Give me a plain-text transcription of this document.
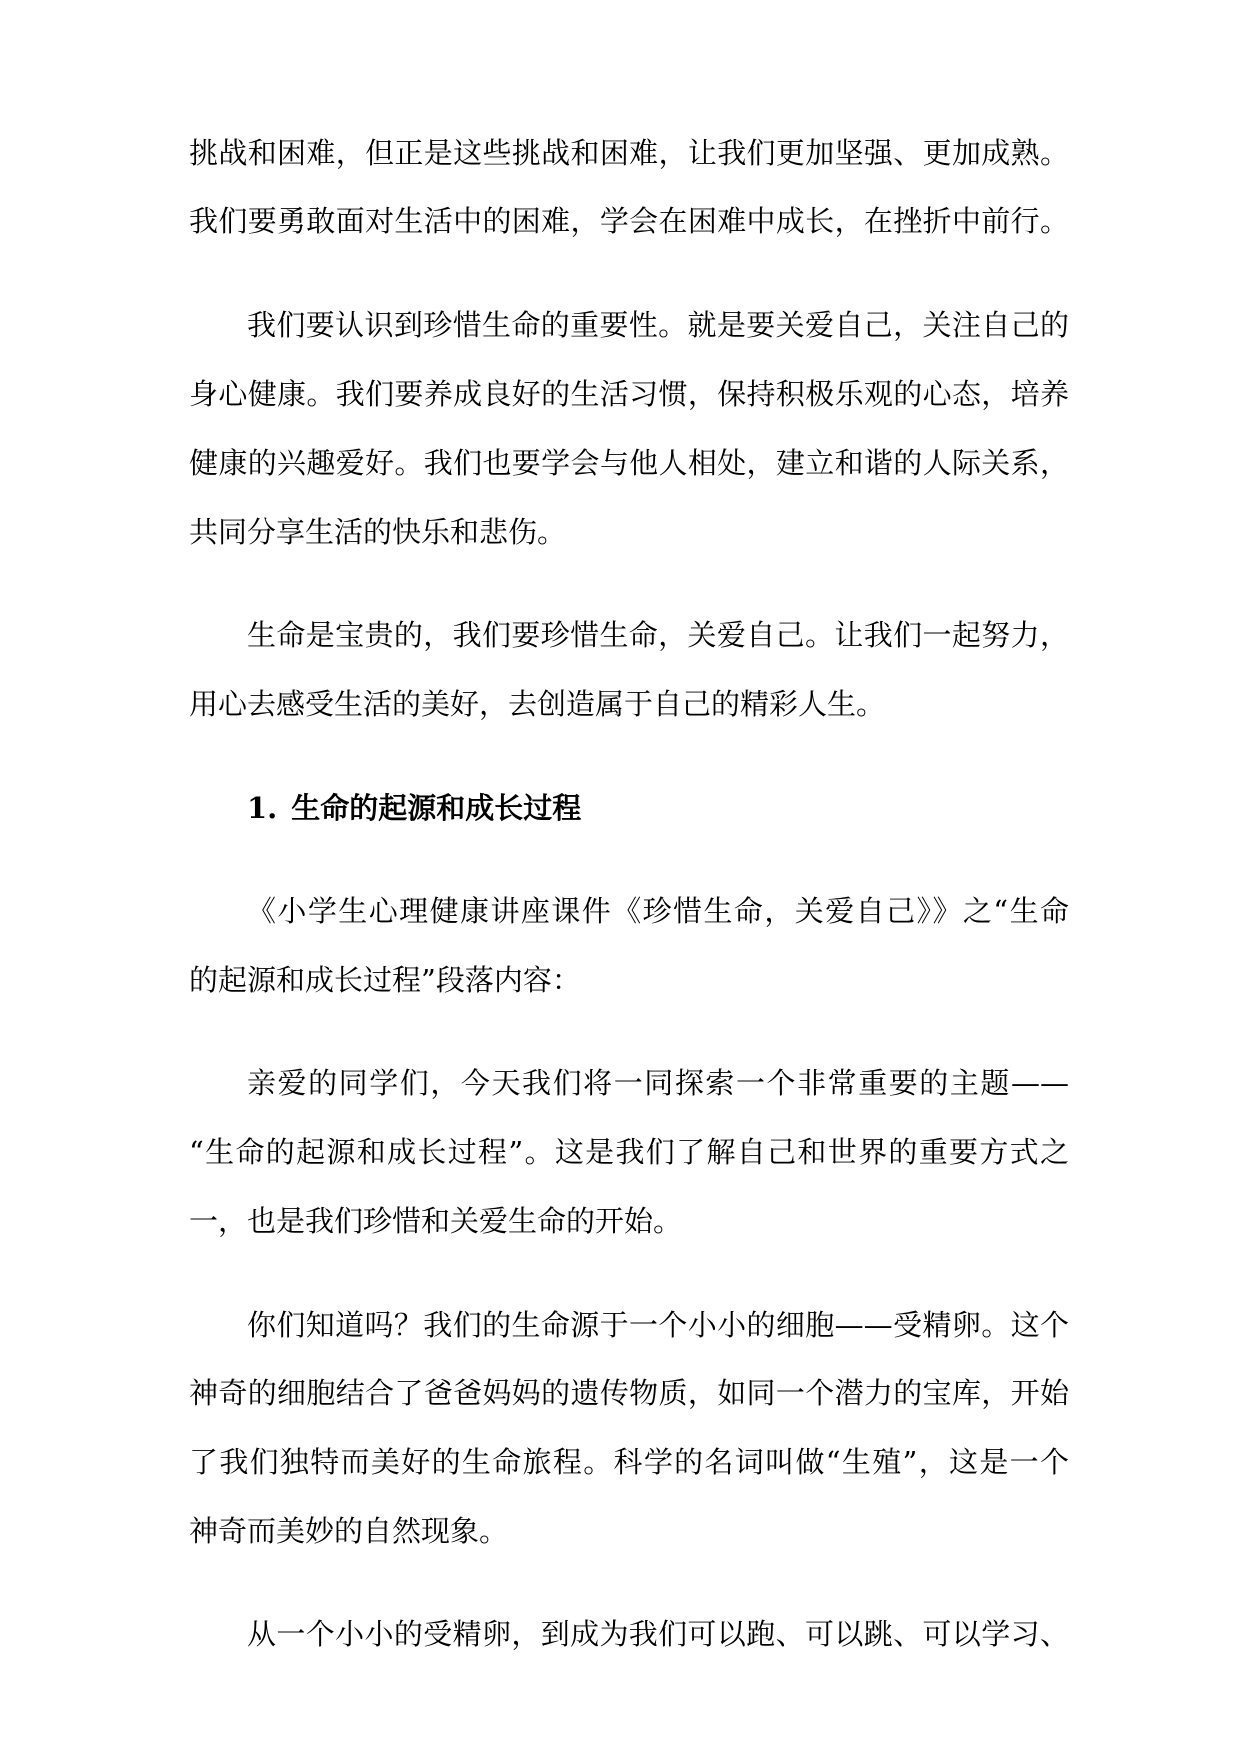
挑战和困难，但正是这些挑战和困难，让我们更加坚强、更加成熟。
我们要勇敢面对生活中的困难，学会在困难中成长，在挫折中前行。
我们要认识到珍惜生命的重要性。就是要关爱自己，关注自己的
身心健康。我们要养成良好的生活习惯，保持积极乐观的心态，培养
健康的兴趣爱好。我们也要学会与他人相处，建立和谐的人际关系，
共同分享生活的快乐和悲伤。
生命是宝贵的，我们要珍惜生命，关爱自己。让我们一起努力，
用心去感受生活的美好，去创造属于自己的精彩人生。
1. 生命的起源和成长过程
《小学生心理健康讲座课件《珍惜生命，关爱自己》》之“生命
的起源和成长过程”段落内容：
亲爱的同学们，今天我们将一同探索一个非常重要的主题——
“生命的起源和成长过程”。这是我们了解自己和世界的重要方式之
一，也是我们珍惜和关爱生命的开始。
你们知道吗？我们的生命源于一个小小的细胞——受精卵。这个
神奇的细胞结合了爸爸妈妈的遗传物质，如同一个潜力的宝库，开始
了我们独特而美好的生命旅程。科学的名词叫做“生殖”，这是一个
神奇而美妙的自然现象。
从一个小小的受精卵，到成为我们可以跑、可以跳、可以学习、
